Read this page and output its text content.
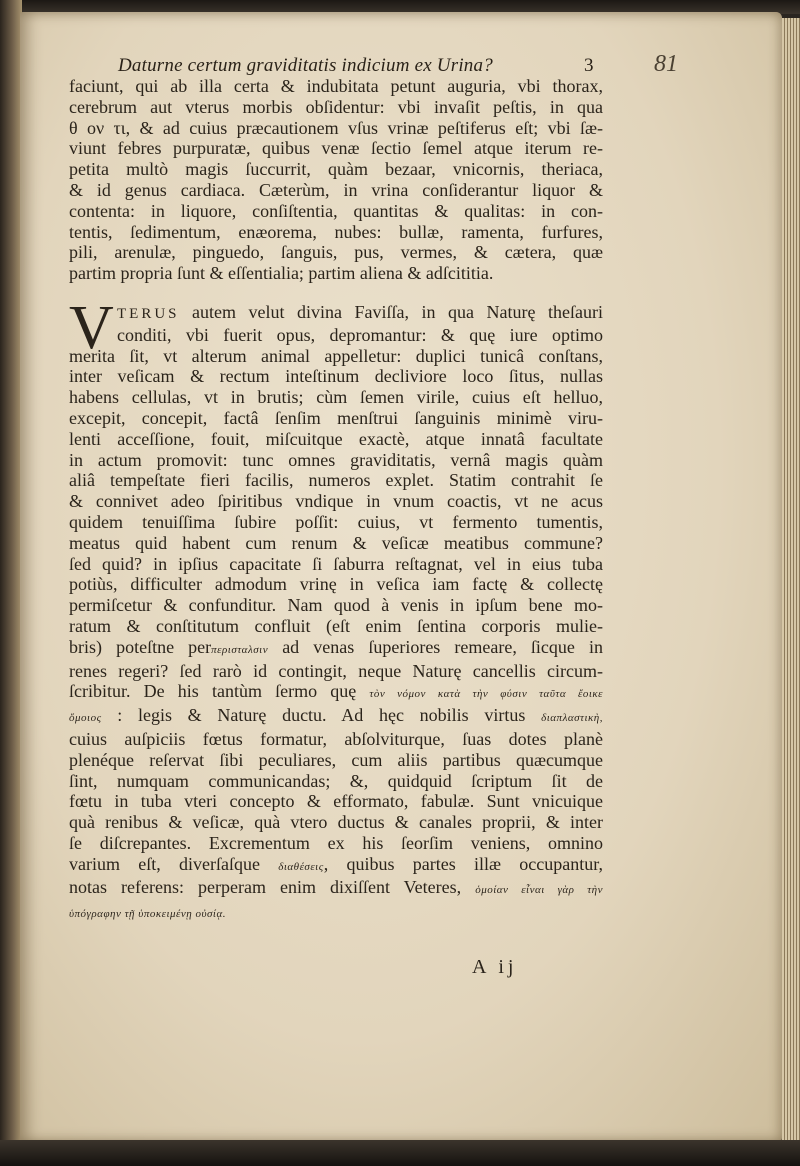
Daturne certum graviditatis indicium ex Urina?	3	81
faciunt, qui ab illa certa & indubitata petunt auguria, vbi thorax,
cerebrum aut vterus morbis obſidentur: vbi invaſit peſtis, in qua
θ ον τι, & ad cuius præcautionem vſus vrinæ peſtiferus eſt; vbi ſæ-
viunt febres purpuratæ, quibus venæ ſectio ſemel atque iterum re-
petita multò magis ſuccurrit, quàm bezaar, vnicornis, theriaca,
& id genus cardiaca. Cæterùm, in vrina conſiderantur liquor &
contenta: in liquore, conſiſtentia, quantitas & qualitas: in con-
tentis, ſedimentum, enæorema, nubes: bullæ, ramenta, furfures,
pili, arenulæ, pinguedo, ſanguis, pus, vermes, & cætera, quæ
partim propria ſunt & eſſentialia; partim aliena & adſcititia.
V TERUS autem velut divina Faviſſa, in qua Naturę theſauri
conditi, vbi fuerit opus, depromantur: & quę iure optimo
merita ſit, vt alterum animal appelletur: duplici tunicâ conſtans,
inter veſicam & rectum inteſtinum decliviore loco ſitus, nullas
habens cellulas, vt in brutis; cùm ſemen virile, cuius eſt helluo,
excepit, concepit, factâ ſenſim menſtrui ſanguinis minimè viru-
lenti acceſſione, fouit, miſcuitque exactè, atque innatâ facultate
in actum promovit: tunc omnes graviditatis, vernâ magis quàm
aliâ tempeſtate fieri facilis, numeros explet. Statim contrahit ſe
& connivet adeo ſpiritibus vndique in vnum coactis, vt ne acus
quidem tenuiſſima ſubire poſſit: cuius, vt fermento tumentis,
meatus quid habent cum renum & veſicæ meatibus commune?
ſed quid? in ipſius capacitate ſi ſaburra reſtagnat, vel in eius tuba
potiùs, difficulter admodum vrinę in veſica iam factę & collectę
permiſcetur & confunditur. Nam quod à venis in ipſum bene mo-
ratum & conſtitutum confluit (eſt enim ſentina corporis mulie-
bris) poteſtne perπερισταλσιν ad venas ſuperiores remeare, ſicque in
renes regeri? ſed rarò id contingit, neque Naturę cancellis circum-
ſcribitur. De his tantùm ſermo quę τὸν νόμον κατὰ τὴν φύσιν ταῦτα ἔοικε
ὅμοιος : legis & Naturę ductu. Ad hęc nobilis virtus διαπλαστικὴ,
cuius auſpiciis fœtus formatur, abſolviturque, ſuas dotes planè
plenéque reſervat ſibi peculiares, cum aliis partibus quæcumque
ſint, numquam communicandas; &, quidquid ſcriptum ſit de
fœtu in tuba vteri concepto & efformato, fabulæ. Sunt vnicuique
quà renibus & veſicæ, quà vtero ductus & canales proprii, & inter
ſe diſcrepantes. Excrementum ex his ſeorſim veniens, omnino
varium eſt, diverſaſque διαθέσεις, quibus partes illæ occupantur,
notas referens: perperam enim dixiſſent Veteres, ὁμοίαν εἶναι γὰρ τὴν
ὑπόγραφην τῇ ὑποκειμένῃ οὐσίᾳ.
A ij
